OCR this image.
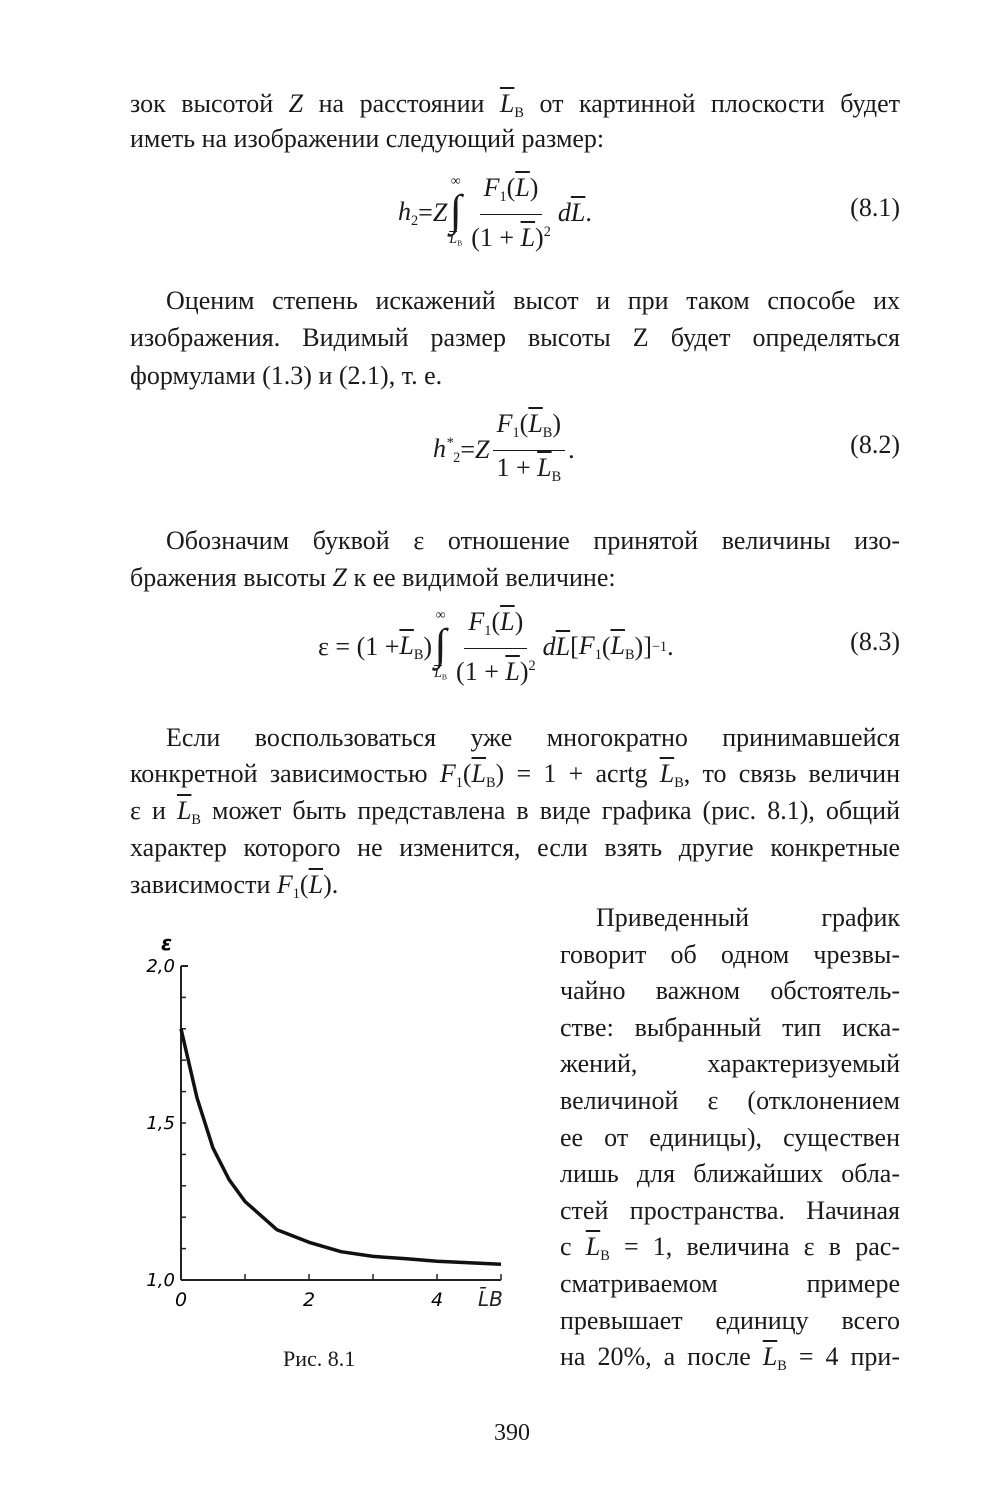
зок высотой Z на расстоянии $\overline{L}_B$ от картинной плоскости будет
иметь на изображении следующий размер:
Оценим степень искажений высот и при таком способе их
изображения. Видимый размер высоты Z будет определяться
формулами (1.3) и (2.1), т. е.
Обозначим буквой ε отношение принятой величины изо-
бражения высоты Z к ее видимой величине:
Если воспользоваться уже многократно принимавшейся
конкретной зависимостью $F_1(\overline{L}_B) = 1$ + acrtg $\overline{L}_B$, то связь величин
ε и $\overline{L}_B$ может быть представлена в виде графика (рис. 8.1), общий
характер которого не изменится, если взять другие конкретные
зависимости $F_1(\overline{L})$.
Приведенный график
говорит об одном чрезвы-
чайно важном обстоятель-
стве: выбранный тип иска-
жений, характеризуемый
величиной ε (отклонением
ее от единицы), существен
лишь для ближайших обла-
стей пространства. Начиная
с $\overline{L}_B = 1$, величина ε в рас-
сматриваемом примере
превышает единицу всего
на 20%, а после $\overline{L}_B = 4$ при-
$h_2 = Z$
∞
∫
$\overline{L}_B \frac{F_1(\overline{L})}{(1 + \overline{L})^2}$ d $\overline{L}$ .	(8.1)
$h^*_2 = Z \frac{F_1(\overline{L}_B)}{1 + \overline{L}_B}$ .	(8.2)
$\varepsilon = (1 + \overline{L}_B$ )
∞
∫
$\overline{L}_B \frac{F_1(\overline{L})}{(1 + \overline{L})^2}$ d $\overline{L}$ [ $F_1$ ( $\overline{L}_B$ )] −1 .	(8.3)
1,0
1,5
2,0
0	2	4
ε
L̄B
Рис. 8.1
390
